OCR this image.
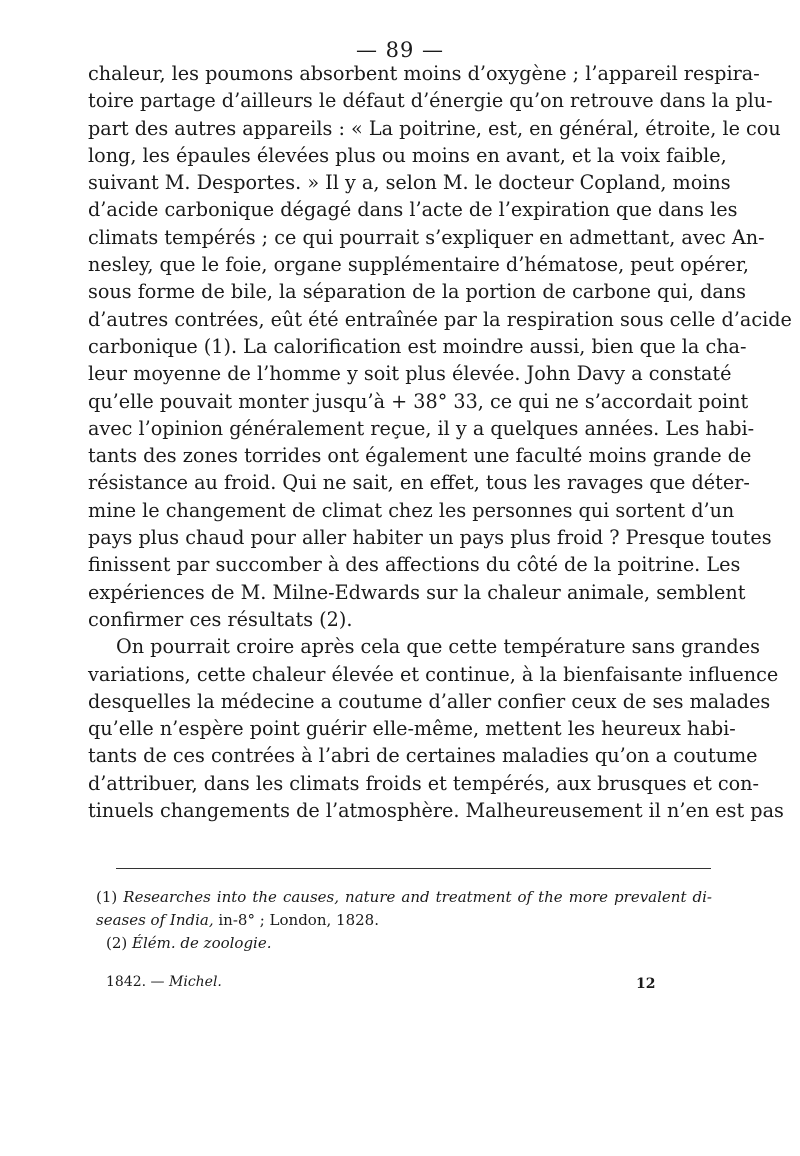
— 89 —
chaleur, les poumons absorbent moins d’oxygène ; l’appareil respira-
toire partage d’ailleurs le défaut d’énergie qu’on retrouve dans la plu-
part des autres appareils : « La poitrine, est, en général, étroite, le cou
long, les épaules élevées plus ou moins en avant, et la voix faible,
suivant M. Desportes. » Il y a, selon M. le docteur Copland, moins
d’acide carbonique dégagé dans l’acte de l’expiration que dans les
climats tempérés ; ce qui pourrait s’expliquer en admettant, avec An-
nesley, que le foie, organe supplémentaire d’hématose, peut opérer,
sous forme de bile, la séparation de la portion de carbone qui, dans
d’autres contrées, eût été entraînée par la respiration sous celle d’acide
carbonique (1). La calorification est moindre aussi, bien que la cha-
leur moyenne de l’homme y soit plus élevée. John Davy a constaté
qu’elle pouvait monter jusqu’à + 38° 33, ce qui ne s’accordait point
avec l’opinion généralement reçue, il y a quelques années. Les habi-
tants des zones torrides ont également une faculté moins grande de
résistance au froid. Qui ne sait, en effet, tous les ravages que déter-
mine le changement de climat chez les personnes qui sortent d’un
pays plus chaud pour aller habiter un pays plus froid ? Presque toutes
finissent par succomber à des affections du côté de la poitrine. Les
expériences de M. Milne-Edwards sur la chaleur animale, semblent
confirmer ces résultats (2).
On pourrait croire après cela que cette température sans grandes
variations, cette chaleur élevée et continue, à la bienfaisante influence
desquelles la médecine a coutume d’aller confier ceux de ses malades
qu’elle n’espère point guérir elle-même, mettent les heureux habi-
tants de ces contrées à l’abri de certaines maladies qu’on a coutume
d’attribuer, dans les climats froids et tempérés, aux brusques et con-
tinuels changements de l’atmosphère. Malheureusement il n’en est pas
(1) Researches into the causes, nature and treatment of the more prevalent di-
seases of India, in-8° ; London, 1828.
(2) Élém. de zoologie.
1842. — Michel.	12
